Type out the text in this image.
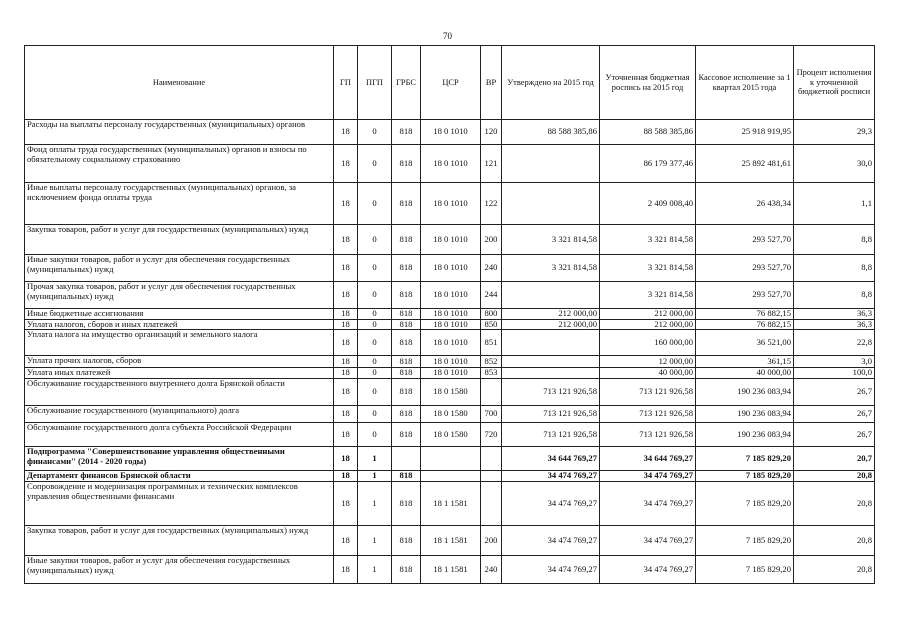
70
Наименование	ГП	ПГП	ГРБС	ЦСР	ВР	Утверждено на 2015 год	Уточненная бюджетная роспись на 2015 год	Кассовое исполнение за 1 квартал 2015 года	Процент исполнения к уточненной бюджетной росписи
Расходы на выплаты персоналу государственных (муниципальных) органов	18	0	818	18 0 1010	120	88 588 385,86	88 588 385,86	25 918 919,95	29,3
Фонд оплаты труда государственных (муниципальных) органов и взносы по обязательному социальному страхованию	18	0	818	18 0 1010	121		86 179 377,46	25 892 481,61	30,0
Иные выплаты персоналу государственных (муниципальных) органов, за исключением фонда оплаты труда	18	0	818	18 0 1010	122		2 409 008,40	26 438,34	1,1
Закупка товаров, работ и услуг для государственных (муниципальных) нужд	18	0	818	18 0 1010	200	3 321 814,58	3 321 814,58	293 527,70	8,8
Иные закупки товаров, работ и услуг для обеспечения государственных (муниципальных) нужд	18	0	818	18 0 1010	240	3 321 814,58	3 321 814,58	293 527,70	8,8
Прочая закупка товаров, работ и услуг для обеспечения государственных (муниципальных) нужд	18	0	818	18 0 1010	244		3 321 814,58	293 527,70	8,8
Иные бюджетные ассигнования	18	0	818	18 0 1010	800	212 000,00	212 000,00	76 882,15	36,3
Уплата налогов, сборов и иных платежей	18	0	818	18 0 1010	850	212 000,00	212 000,00	76 882,15	36,3
Уплата налога на имущество организаций и земельного налога	18	0	818	18 0 1010	851		160 000,00	36 521,00	22,8
Уплата прочих налогов, сборов	18	0	818	18 0 1010	852		12 000,00	361,15	3,0
Уплата иных платежей	18	0	818	18 0 1010	853		40 000,00	40 000,00	100,0
Обслуживание государственного внутреннего долга Брянской области	18	0	818	18 0 1580		713 121 926,58	713 121 926,58	190 236 083,94	26,7
Обслуживание государственного (муниципального) долга	18	0	818	18 0 1580	700	713 121 926,58	713 121 926,58	190 236 083,94	26,7
Обслуживание государственного долга субъекта Российской Федерации	18	0	818	18 0 1580	720	713 121 926,58	713 121 926,58	190 236 083,94	26,7
Подпрограмма "Совершенствование управления общественными финансами" (2014 - 2020 годы)	18	1				34 644 769,27	34 644 769,27	7 185 829,20	20,7
Департамент финансов Брянской области	18	1	818			34 474 769,27	34 474 769,27	7 185 829,20	20,8
Сопровождение и модернизация программных и технических комплексов управления общественными финансами	18	1	818	18 1 1581		34 474 769,27	34 474 769,27	7 185 829,20	20,8
Закупка товаров, работ и услуг для государственных (муниципальных) нужд	18	1	818	18 1 1581	200	34 474 769,27	34 474 769,27	7 185 829,20	20,8
Иные закупки товаров, работ и услуг для обеспечения государственных (муниципальных) нужд	18	1	818	18 1 1581	240	34 474 769,27	34 474 769,27	7 185 829,20	20,8
